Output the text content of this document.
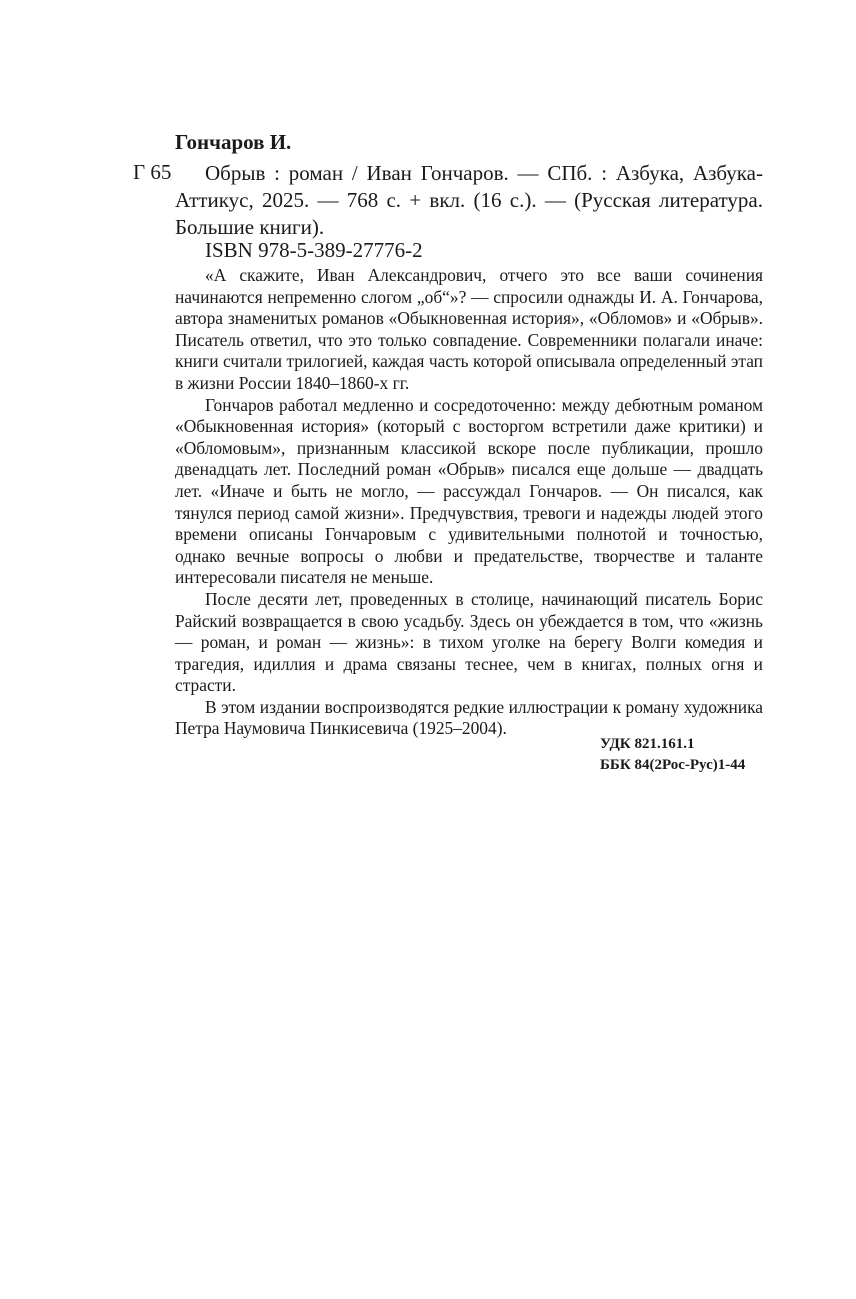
Гончаров И.

Г 65	Обрыв : роман / Иван Гончаров. — СПб. : Азбука, Азбука-Аттикус, 2025. — 768 с. + вкл. (16 с.). — (Русская литература. Большие книги).

ISBN 978-5-389-27776-2

«А скажите, Иван Александрович, отчего это все ваши сочинения начинаются непременно слогом „об“»? — спросили однажды И. А. Гончарова, автора знаменитых романов «Обыкновенная история», «Обломов» и «Обрыв». Писатель ответил, что это только совпадение. Современники полагали иначе: книги считали трилогией, каждая часть которой описывала определенный этап в жизни России 1840–1860-х гг.

Гончаров работал медленно и сосредоточенно: между дебютным романом «Обыкновенная история» (который с восторгом встретили даже критики) и «Обломовым», признанным классикой вскоре после публикации, прошло двенадцать лет. Последний роман «Обрыв» писался еще дольше — двадцать лет. «Иначе и быть не могло, — рассуждал Гончаров. — Он писался, как тянулся период самой жизни». Предчувствия, тревоги и надежды людей этого времени описаны Гончаровым с удивительными полнотой и точностью, однако вечные вопросы о любви и предательстве, творчестве и таланте интересовали писателя не меньше.

После десяти лет, проведенных в столице, начинающий писатель Борис Райский возвращается в свою усадьбу. Здесь он убеждается в том, что «жизнь — роман, и роман — жизнь»: в тихом уголке на берегу Волги комедия и трагедия, идиллия и драма связаны теснее, чем в книгах, полных огня и страсти.

В этом издании воспроизводятся редкие иллюстрации к роману художника Петра Наумовича Пинкисевича (1925–2004).

УДК 821.161.1
ББК 84(2Рос-Рус)1-44
